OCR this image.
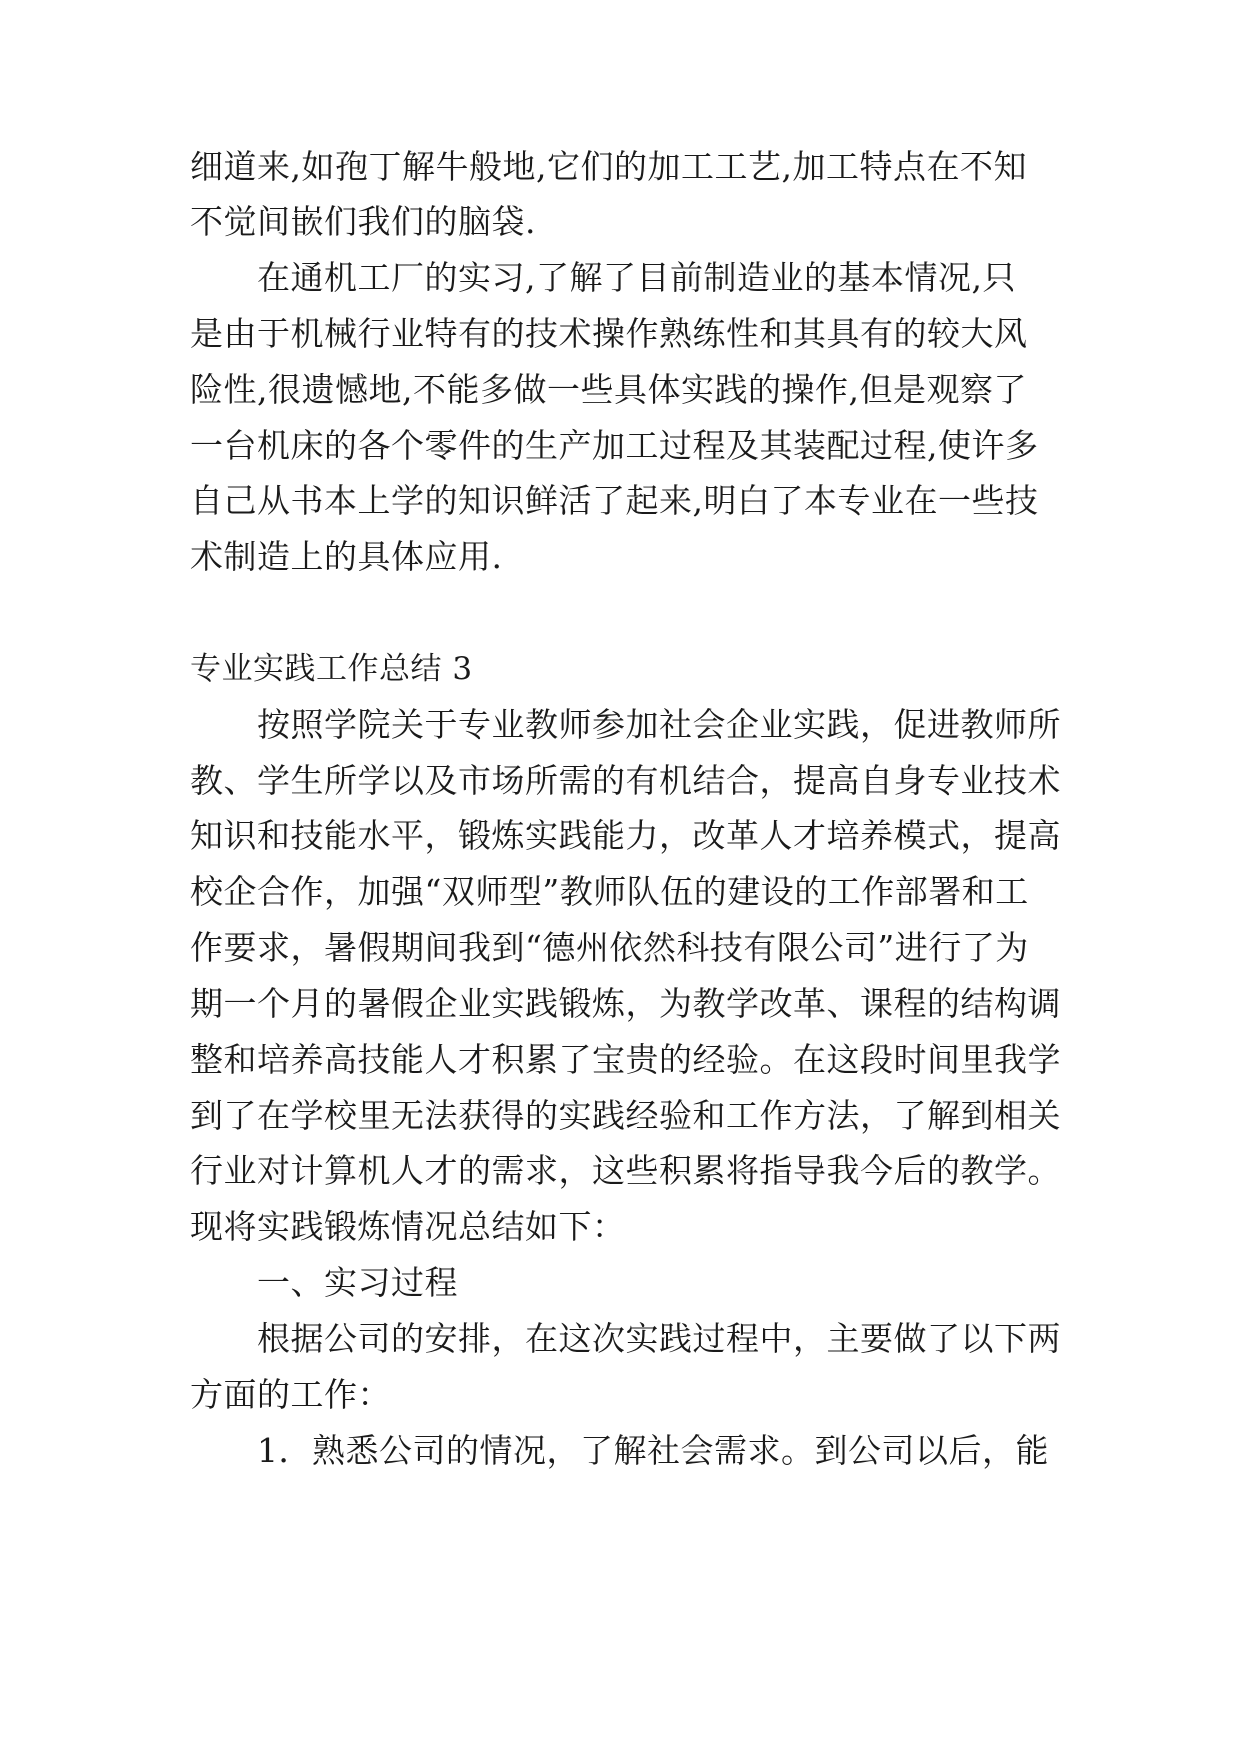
细道来,如孢丁解牛般地,它们的加工工艺,加工特点在不知
不觉间嵌们我们的脑袋.
在通机工厂的实习,了解了目前制造业的基本情况,只
是由于机械行业特有的技术操作熟练性和其具有的较大风
险性,很遗憾地,不能多做一些具体实践的操作,但是观察了
一台机床的各个零件的生产加工过程及其装配过程,使许多
自己从书本上学的知识鲜活了起来,明白了本专业在一些技
术制造上的具体应用.
专业实践工作总结 3
按照学院关于专业教师参加社会企业实践，促进教师所
教、学生所学以及市场所需的有机结合，提高自身专业技术
知识和技能水平，锻炼实践能力，改革人才培养模式，提高
校企合作，加强“双师型”教师队伍的建设的工作部署和工
作要求，暑假期间我到“德州依然科技有限公司”进行了为
期一个月的暑假企业实践锻炼，为教学改革、课程的结构调
整和培养高技能人才积累了宝贵的经验。在这段时间里我学
到了在学校里无法获得的实践经验和工作方法，了解到相关
行业对计算机人才的需求，这些积累将指导我今后的教学。
现将实践锻炼情况总结如下：
一、实习过程
根据公司的安排，在这次实践过程中，主要做了以下两
方面的工作：
1．熟悉公司的情况，了解社会需求。到公司以后，能
